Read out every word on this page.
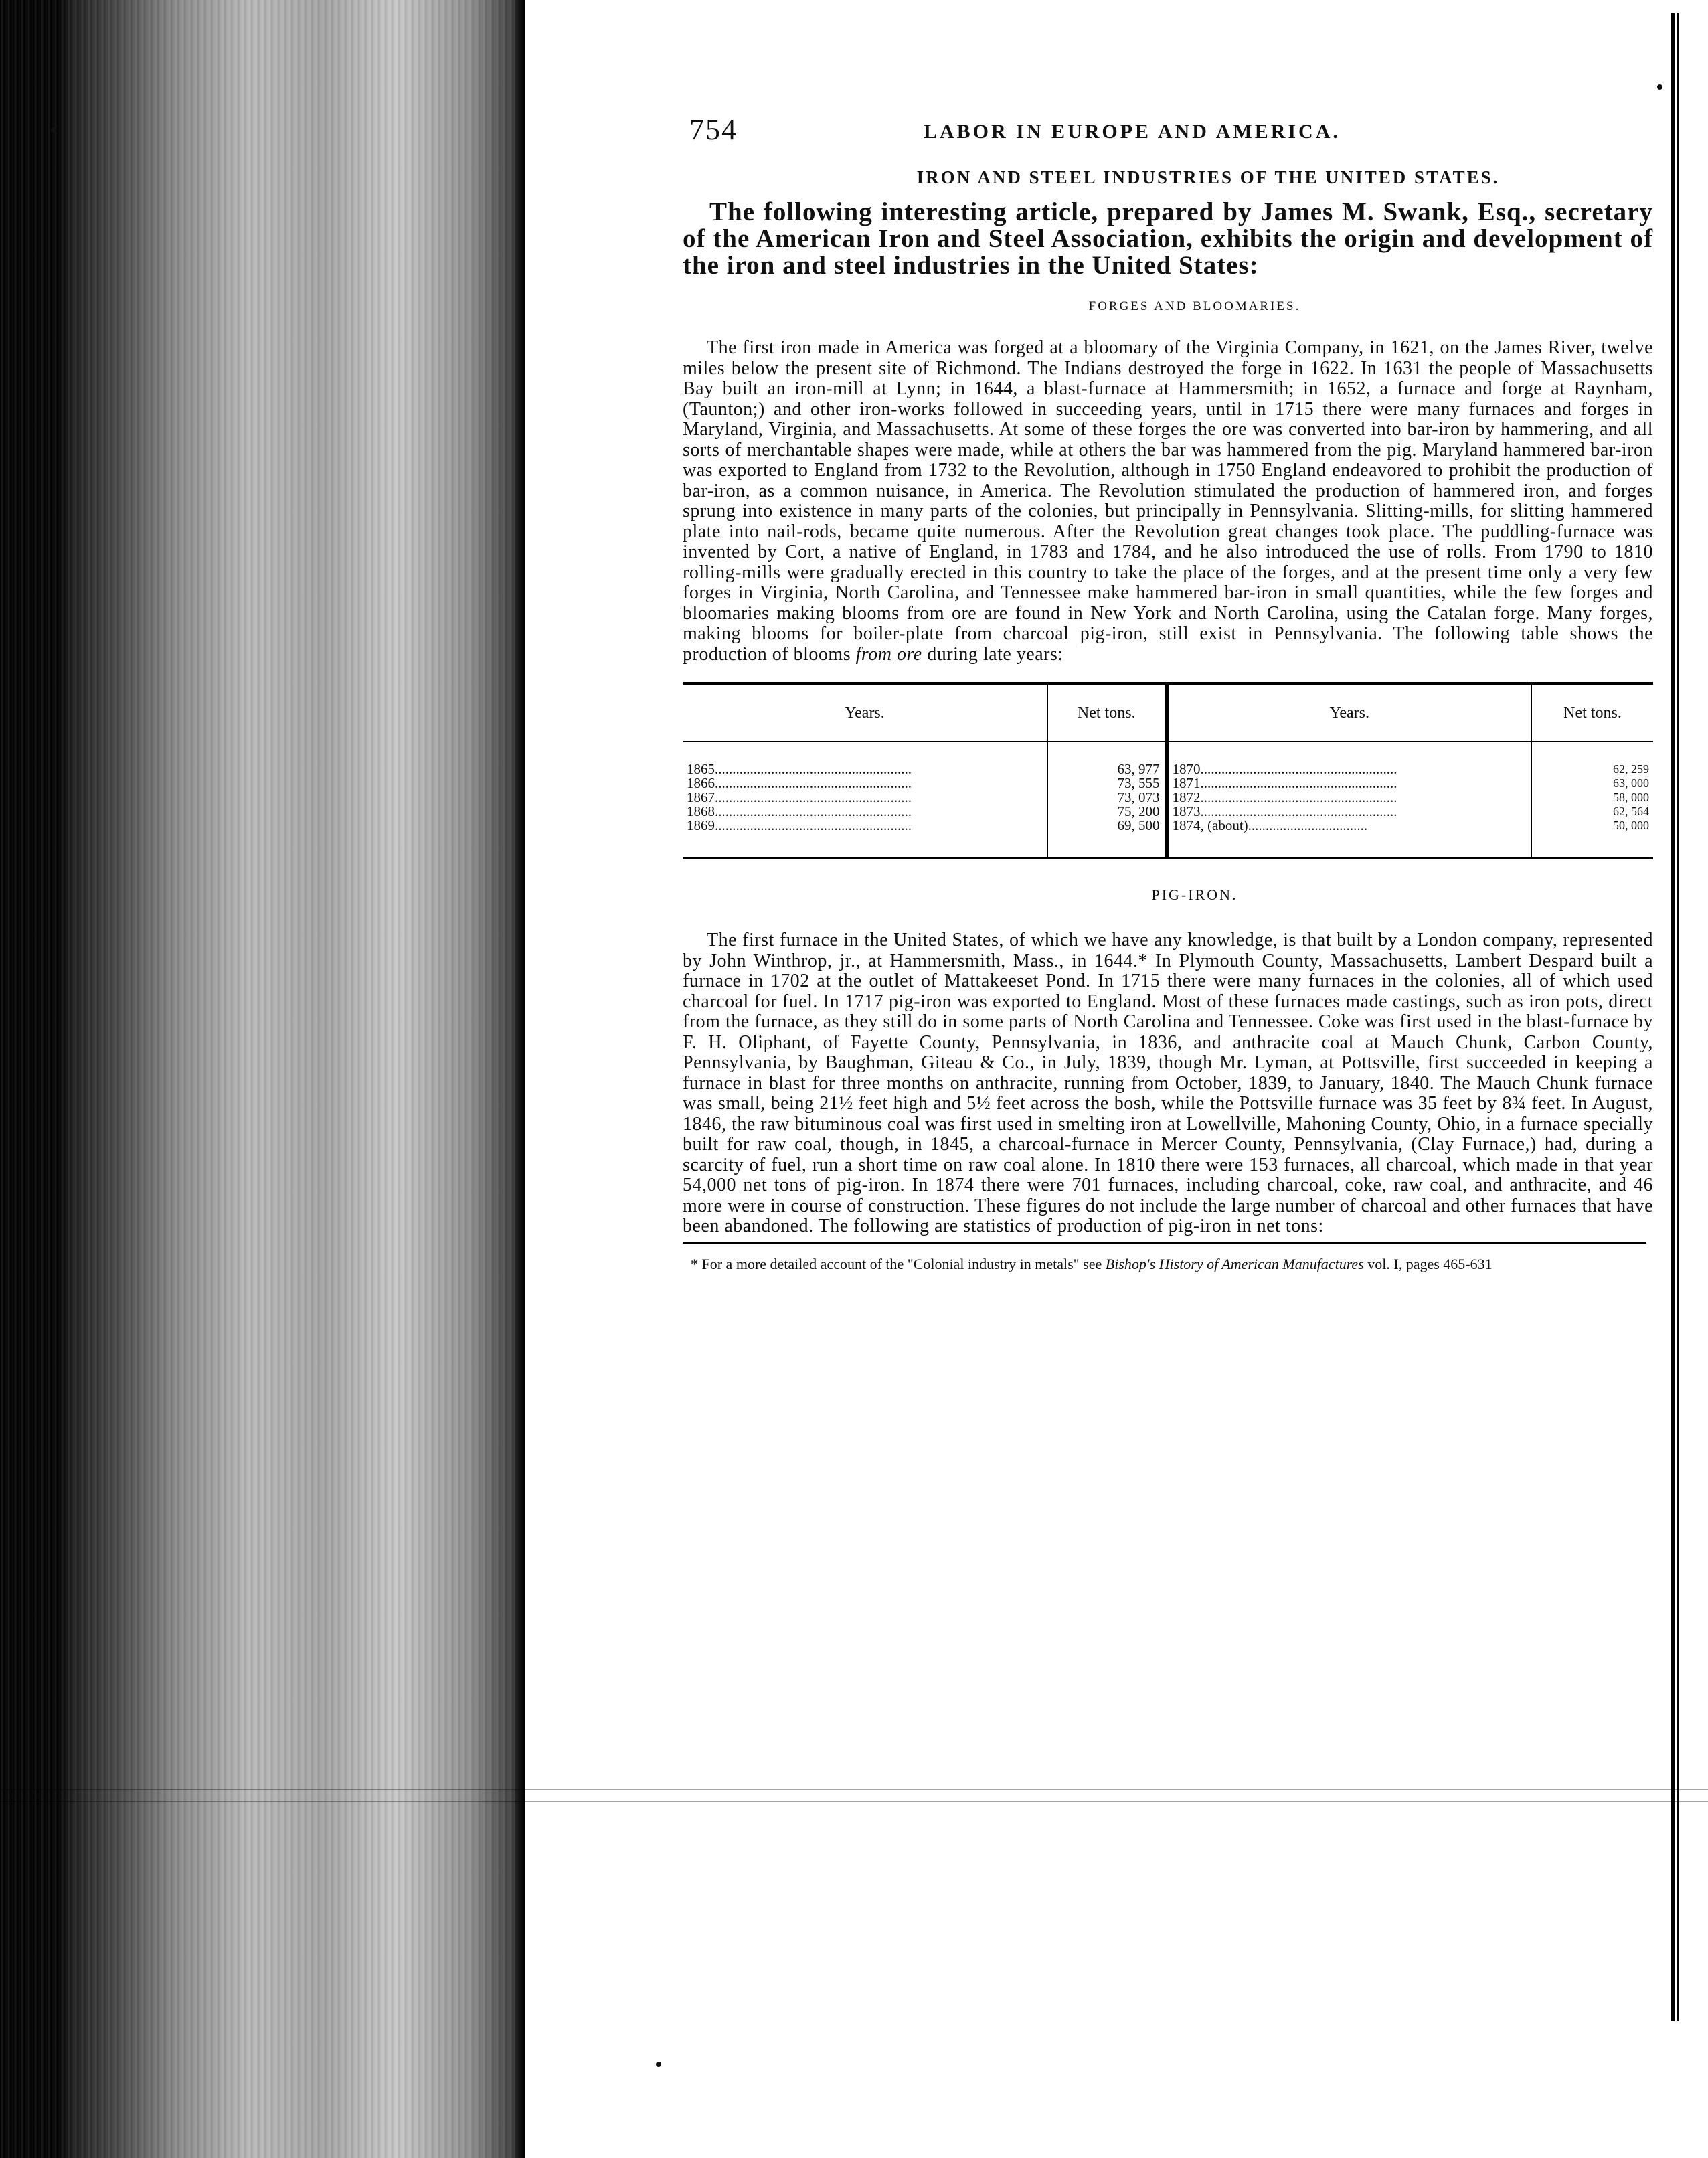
754	LABOR IN EUROPE AND AMERICA.
IRON AND STEEL INDUSTRIES OF THE UNITED STATES.

The following interesting article, prepared by James M. Swank, Esq., secretary of the American Iron and Steel Association, exhibits the origin and development of the iron and steel industries in the United States:

FORGES AND BLOOMARIES.

The first iron made in America was forged at a bloomary of the Virginia Company, in 1621, on the James River, twelve miles below the present site of Richmond. The Indians destroyed the forge in 1622. In 1631 the people of Massachusetts Bay built an iron-mill at Lynn; in 1644, a blast-furnace at Hammersmith; in 1652, a furnace and forge at Raynham, (Taunton;) and other iron-works followed in succeeding years, until in 1715 there were many furnaces and forges in Maryland, Virginia, and Massachusetts. At some of these forges the ore was converted into bar-iron by hammering, and all sorts of merchantable shapes were made, while at others the bar was hammered from the pig. Maryland hammered bar-iron was exported to England from 1732 to the Revolution, although in 1750 England endeavored to prohibit the production of bar-iron, as a common nuisance, in America. The Revolution stimulated the production of hammered iron, and forges sprung into existence in many parts of the colonies, but principally in Pennsylvania. Slitting-mills, for slitting hammered plate into nail-rods, became quite numerous. After the Revolution great changes took place. The puddling-furnace was invented by Cort, a native of England, in 1783 and 1784, and he also introduced the use of rolls. From 1790 to 1810 rolling-mills were gradually erected in this country to take the place of the forges, and at the present time only a very few forges in Virginia, North Carolina, and Tennessee make hammered bar-iron in small quantities, while the few forges and bloomaries making blooms from ore are found in New York and North Carolina, using the Catalan forge. Many forges, making blooms for boiler-plate from charcoal pig-iron, still exist in Pennsylvania. The following table shows the production of blooms from ore during late years:

Years.	Net tons.	Years.	Net tons.

1865........................................................	63, 977	1870........................................................	62, 259
1866........................................................	73, 555	1871........................................................	63, 000
1867........................................................	73, 073	1872........................................................	58, 000
1868........................................................	75, 200	1873........................................................	62, 564
1869........................................................	69, 500	1874, (about)..................................	50, 000
PIG-IRON.

The first furnace in the United States, of which we have any knowledge, is that built by a London company, represented by John Winthrop, jr., at Hammersmith, Mass., in 1644.* In Plymouth County, Massachusetts, Lambert Despard built a furnace in 1702 at the outlet of Mattakeeset Pond. In 1715 there were many furnaces in the colonies, all of which used charcoal for fuel. In 1717 pig-iron was exported to England. Most of these furnaces made castings, such as iron pots, direct from the furnace, as they still do in some parts of North Carolina and Tennessee. Coke was first used in the blast-furnace by F. H. Oliphant, of Fayette County, Pennsylvania, in 1836, and anthracite coal at Mauch Chunk, Carbon County, Pennsylvania, by Baughman, Giteau & Co., in July, 1839, though Mr. Lyman, at Pottsville, first succeeded in keeping a furnace in blast for three months on anthracite, running from October, 1839, to January, 1840. The Mauch Chunk furnace was small, being 21½ feet high and 5½ feet across the bosh, while the Pottsville furnace was 35 feet by 8¾ feet. In August, 1846, the raw bituminous coal was first used in smelting iron at Lowellville, Mahoning County, Ohio, in a furnace specially built for raw coal, though, in 1845, a charcoal-furnace in Mercer County, Pennsylvania, (Clay Furnace,) had, during a scarcity of fuel, run a short time on raw coal alone. In 1810 there were 153 furnaces, all charcoal, which made in that year 54,000 net tons of pig-iron. In 1874 there were 701 furnaces, including charcoal, coke, raw coal, and anthracite, and 46 more were in course of construction. These figures do not include the large number of charcoal and other furnaces that have been abandoned. The following are statistics of production of pig-iron in net tons:

* For a more detailed account of the "Colonial industry in metals" see Bishop's History of American Manufactures vol. I, pages 465-631
